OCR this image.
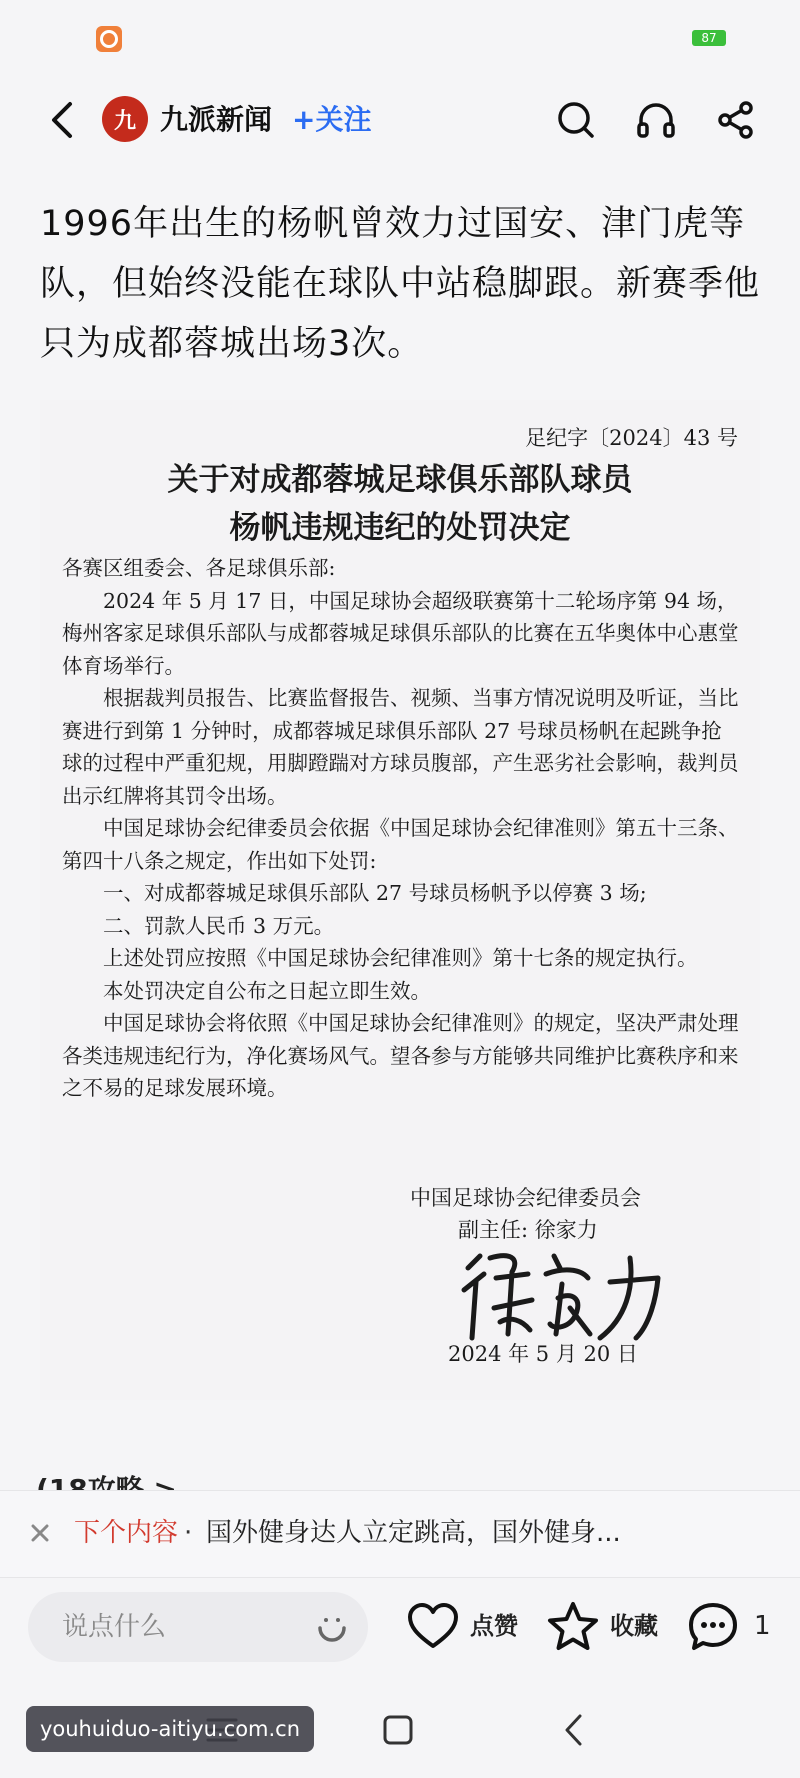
87
九 九派新闻 +关注
1996年出生的杨帆曾效力过国安、津门虎等队，但始终没能在球队中站稳脚跟。新赛季他只为成都蓉城出场3次。
足纪字〔2024〕43 号
关于对成都蓉城足球俱乐部队球员
杨帆违规违纪的处罚决定

各赛区组委会、各足球俱乐部:

2024 年 5 月 17 日，中国足球协会超级联赛第十二轮场序第 94 场，梅州客家足球俱乐部队与成都蓉城足球俱乐部队的比赛在五华奥体中心惠堂体育场举行。

根据裁判员报告、比赛监督报告、视频、当事方情况说明及听证，当比赛进行到第 1 分钟时，成都蓉城足球俱乐部队 27 号球员杨帆在起跳争抢球的过程中严重犯规，用脚蹬踹对方球员腹部，产生恶劣社会影响，裁判员出示红牌将其罚令出场。

中国足球协会纪律委员会依据《中国足球协会纪律准则》第五十三条、第四十八条之规定，作出如下处罚:

一、对成都蓉城足球俱乐部队 27 号球员杨帆予以停赛 3 场;

二、罚款人民币 3 万元。

上述处罚应按照《中国足球协会纪律准则》第十七条的规定执行。

本处罚决定自公布之日起立即生效。

中国足球协会将依照《中国足球协会纪律准则》的规定，坚决严肃处理各类违规违纪行为，净化赛场风气。望各参与方能够共同维护比赛秩序和来之不易的足球发展环境。

中国足球协会纪律委员会
副主任: 徐家力
2024 年 5 月 20 日
下个内容 · 国外健身达人立定跳高，国外健身...
说点什么	点赞	收藏	1
youhuiduo-aitiyu.com.cn
